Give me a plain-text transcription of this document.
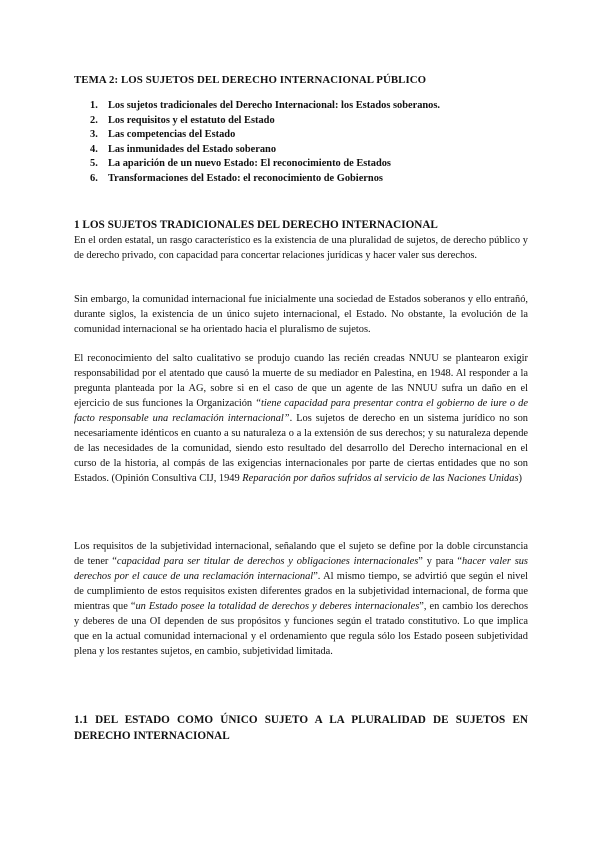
TEMA 2: LOS SUJETOS DEL DERECHO INTERNACIONAL PÚBLICO
1. Los sujetos tradicionales del Derecho Internacional: los Estados soberanos.
2. Los requisitos y el estatuto del Estado
3. Las competencias del Estado
4. Las inmunidades del Estado soberano
5. La aparición de un nuevo Estado: El reconocimiento de Estados
6. Transformaciones del Estado: el reconocimiento de Gobiernos
1 LOS SUJETOS TRADICIONALES DEL DERECHO INTERNACIONAL

En el orden estatal, un rasgo característico es la existencia de una pluralidad de sujetos, de derecho público y de derecho privado, con capacidad para concertar relaciones jurídicas y hacer valer sus derechos.

Sin embargo, la comunidad internacional fue inicialmente una sociedad de Estados soberanos y ello entrañó, durante siglos, la existencia de un único sujeto internacional, el Estado. No obstante, la evolución de la comunidad internacional se ha orientado hacia el pluralismo de sujetos.

El reconocimiento del salto cualitativo se produjo cuando las recién creadas NNUU se plantearon exigir responsabilidad por el atentado que causó la muerte de su mediador en Palestina, en 1948. Al responder a la pregunta planteada por la AG, sobre si en el caso de que un agente de las NNUU sufra un daño en el ejercicio de sus funciones la Organización “tiene capacidad para presentar contra el gobierno de iure o de facto responsable una reclamación internacional”. Los sujetos de derecho en un sistema jurídico no son necesariamente idénticos en cuanto a su naturaleza o a la extensión de sus derechos; y su naturaleza depende de las necesidades de la comunidad, siendo esto resultado del desarrollo del Derecho internacional en el curso de la historia, al compás de las exigencias internacionales por parte de ciertas entidades que no son Estados. (Opinión Consultiva CIJ, 1949 Reparación por daños sufridos al servicio de las Naciones Unidas)

Los requisitos de la subjetividad internacional, señalando que el sujeto se define por la doble circunstancia de tener “capacidad para ser titular de derechos y obligaciones internacionales” y para “hacer valer sus derechos por el cauce de una reclamación internacional”. Al mismo tiempo, se advirtió que según el nivel de cumplimiento de estos requisitos existen diferentes grados en la subjetividad internacional, de forma que mientras que “un Estado posee la totalidad de derechos y deberes internacionales”, en cambio los derechos y deberes de una OI dependen de sus propósitos y funciones según el tratado constitutivo. Lo que implica que en la actual comunidad internacional y el ordenamiento que regula sólo los Estado poseen subjetividad plena y los restantes sujetos, en cambio, subjetividad limitada.

1.1 DEL ESTADO COMO ÚNICO SUJETO A LA PLURALIDAD DE SUJETOS EN DERECHO INTERNACIONAL
